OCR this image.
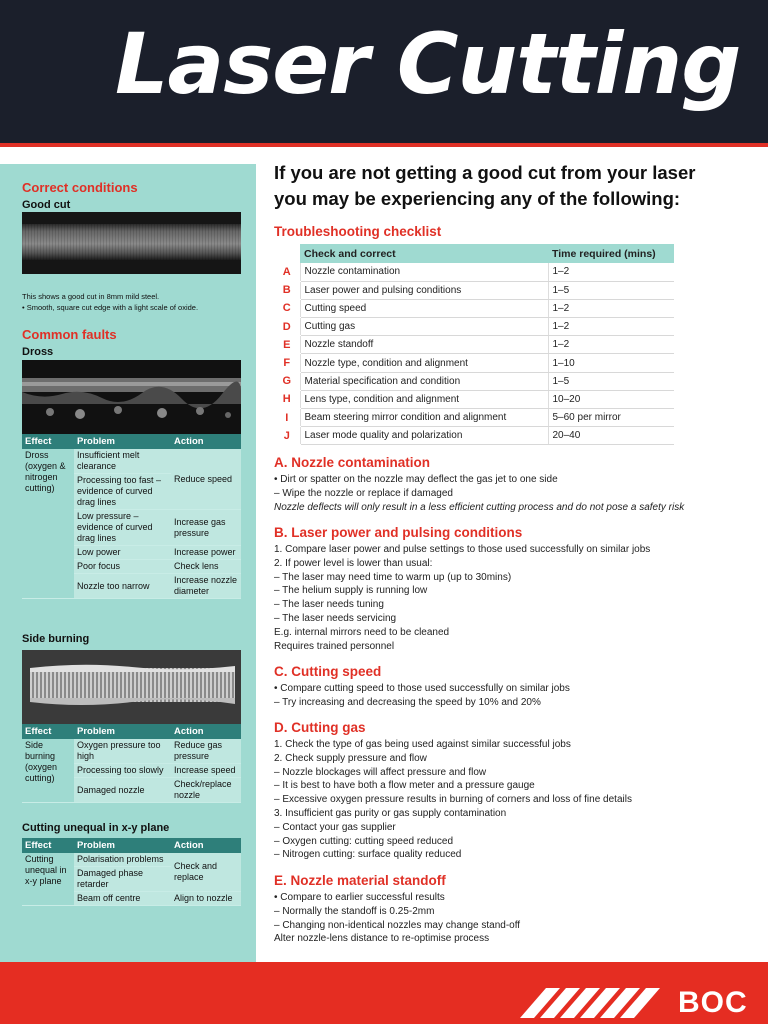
Laser Cutting
Correct conditions
Good cut
This shows a good cut in 8mm mild steel.
• Smooth, square cut edge with a light scale of oxide.
Common faults
Dross
Effect	Problem	Action
Dross (oxygen & nitrogen cutting)	Insufficient melt clearance	Reduce speed
	Processing too fast – evidence of curved drag lines	
	Low pressure – evidence of curved drag lines	Increase gas pressure
	Low power	Increase power
	Poor focus	Check lens
	Nozzle too narrow	Increase nozzle diameter
Side burning
Effect	Problem	Action
Side burning (oxygen cutting)	Oxygen pressure too high	Reduce gas pressure
	Processing too slowly	Increase speed
	Damaged nozzle	Check/replace nozzle
Cutting unequal in x-y plane
Effect	Problem	Action
Cutting unequal in x-y plane	Polarisation problems	Check and replace
	Damaged phase retarder	
	Beam off centre	Align to nozzle
If you are not getting a good cut from your laser
you may be experiencing any of the following:
Troubleshooting checklist
	Check and correct	Time required (mins)
A	Nozzle contamination	1–2
B	Laser power and pulsing conditions	1–5
C	Cutting speed	1–2
D	Cutting gas	1–2
E	Nozzle standoff	1–2
F	Nozzle type, condition and alignment	1–10
G	Material specification and condition	1–5
H	Lens type, condition and alignment	10–20
I	Beam steering mirror condition and alignment	5–60 per mirror
J	Laser mode quality and polarization	20–40
A. Nozzle contamination
• Dirt or spatter on the nozzle may deflect the gas jet to one side
– Wipe the nozzle or replace if damaged
Nozzle deflects will only result in a less efficient cutting process and do not pose a safety risk
B. Laser power and pulsing conditions
1. Compare laser power and pulse settings to those used successfully on similar jobs
2. If power level is lower than usual:
– The laser may need time to warm up (up to 30mins)
– The helium supply is running low
– The laser needs tuning
– The laser needs servicing
E.g. internal mirrors need to be cleaned
Requires trained personnel
C. Cutting speed
• Compare cutting speed to those used successfully on similar jobs
– Try increasing and decreasing the speed by 10% and 20%
D. Cutting gas
1. Check the type of gas being used against similar successful jobs
2. Check supply pressure and flow
– Nozzle blockages will affect pressure and flow
– It is best to have both a flow meter and a pressure gauge
– Excessive oxygen pressure results in burning of corners and loss of fine details
3. Insufficient gas purity or gas supply contamination
– Contact your gas supplier
– Oxygen cutting: cutting speed reduced
– Nitrogen cutting: surface quality reduced
E. Nozzle material standoff
• Compare to earlier successful results
– Normally the standoff is 0.25-2mm
– Changing non-identical nozzles may change stand-off
Alter nozzle-lens distance to re-optimise process
BOC
